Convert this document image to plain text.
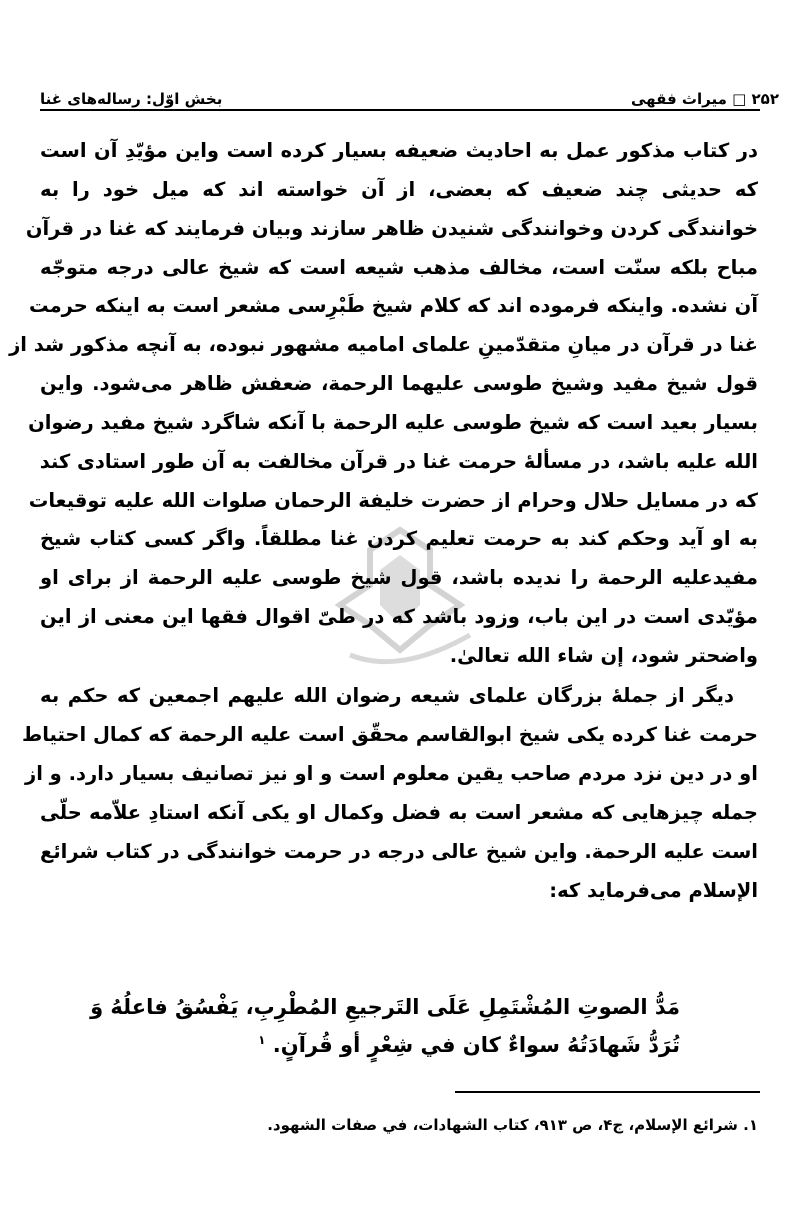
۲۵۲ □ میراث فقهی
بخش اوّل: رساله‌های غنا
در کتاب مذکور عمل به احادیث ضعیفه بسیار کرده است واین مؤیّدِ آن است
که حدیثی چند ضعیف که بعضی، از آن خواسته اند که میل خود را به
خوانندگی کردن وخوانندگی شنیدن ظاهر سازند وبیان فرمایند که غنا در قرآن
مباح بلکه سنّت است، مخالف مذهب شیعه است که شیخ عالی درجه متوجّه
آن نشده. واینکه فرموده اند که کلام شیخ طَبْرِسی مشعر است به اینکه حرمت
غنا در قرآن در میانِ متقدّمینِ علمای امامیه مشهور نبوده، به آنچه مذکور شد از
قول شیخ مفید وشیخ طوسی علیهما الرحمة، ضعفش ظاهر می‌شود. واین
بسیار بعید است که شیخ طوسی علیه الرحمة با آنکه شاگرد شیخ مفید رضوان
الله علیه باشد، در مسألهٔ حرمت غنا در قرآن مخالفت به آن طور استادی کند
که در مسایل حلال وحرام از حضرت خلیفة الرحمان صلوات الله علیه توقیعات
به او آید وحکم کند به حرمت تعلیم کردن غنا مطلقاً. واگر کسی کتاب شیخ
مفیدعلیه الرحمة را ندیده باشد، قول شیخ طوسی علیه الرحمة از برای او
مؤیّدی است در این باب، وزود باشد که در طیّ اقوال فقها این معنی از این
واضحتر شود، إن شاء الله تعالیٰ.
دیگر از جملهٔ بزرگان علمای شیعه رضوان الله علیهم اجمعین که حکم به
حرمت غنا کرده یکی شیخ ابوالقاسم محقّق است علیه الرحمة که کمال احتیاط
او در دین نزد مردم صاحب یقین معلوم است و او نیز تصانیف بسیار دارد. و از
جمله چیزهایی که مشعر است به فضل وکمال او یکی آنکه استادِ علاّمه حلّی
است علیه الرحمة. واین شیخ عالی درجه در حرمت خوانندگی در کتاب شرائع
الإسلام می‌فرماید که:
مَدُّ الصوتِ المُشْتَمِلِ عَلَى التَرجیعِ المُطْرِبِ، یَفْسُقُ فاعلُهُ وَ
تُرَدُّ شَهادَتُهُ سواءٌ كان في شِعْرٍ أو قُرآنٍ. $^۱$
۱. شرائع الإسلام، ج۴، ص ۹۱۳، کتاب الشهادات، في صفات الشهود.
